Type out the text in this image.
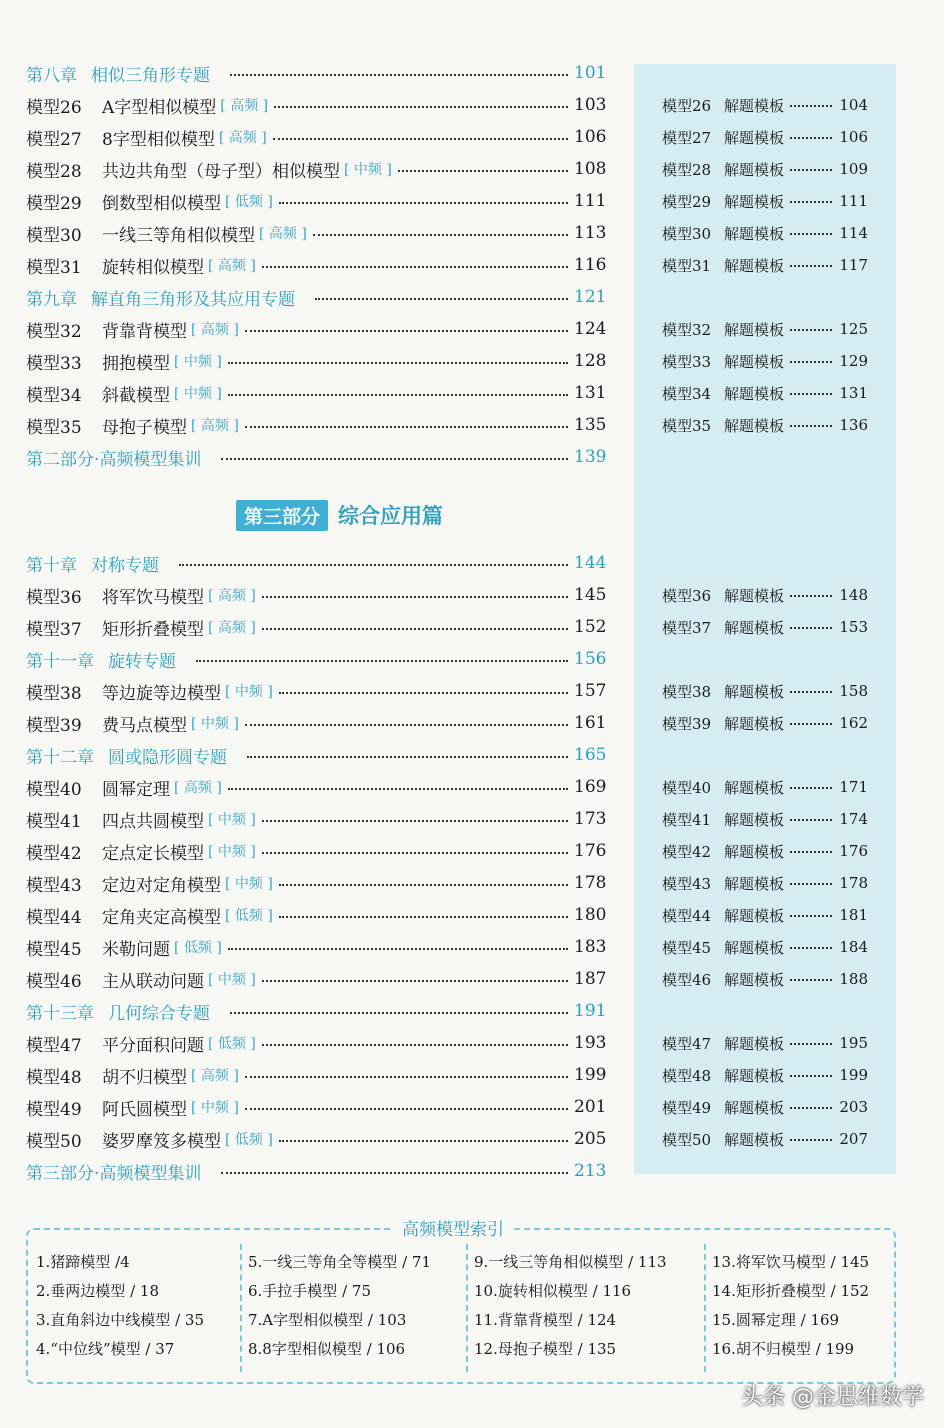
第八章 相似三角形专题	101
模型26	A字型相似模型 [ 高频 ]	103
模型27	8字型相似模型 [ 高频 ]	106
模型28	共边共角型（母子型）相似模型 [ 中频 ]	108
模型29	倒数型相似模型 [ 低频 ]	111
模型30	一线三等角相似模型 [ 高频 ]	113
模型31	旋转相似模型 [ 高频 ]	116
第九章 解直角三角形及其应用专题	121
模型32	背靠背模型 [ 高频 ]	124
模型33	拥抱模型 [ 中频 ]	128
模型34	斜截模型 [ 中频 ]	131
模型35	母抱子模型 [ 高频 ]	135
第二部分·高频模型集训	139
第十章 对称专题	144
模型36	将军饮马模型 [ 高频 ]	145
模型37	矩形折叠模型 [ 高频 ]	152
第十一章 旋转专题	156
模型38	等边旋等边模型 [ 中频 ]	157
模型39	费马点模型 [ 中频 ]	161
第十二章 圆或隐形圆专题	165
模型40	圆幂定理 [ 高频 ]	169
模型41	四点共圆模型 [ 中频 ]	173
模型42	定点定长模型 [ 中频 ]	176
模型43	定边对定角模型 [ 中频 ]	178
模型44	定角夹定高模型 [ 低频 ]	180
模型45	米勒问题 [ 低频 ]	183
模型46	主从联动问题 [ 中频 ]	187
第十三章 几何综合专题	191
模型47	平分面积问题 [ 低频 ]	193
模型48	胡不归模型 [ 高频 ]	199
模型49	阿氏圆模型 [ 中频 ]	201
模型50	婆罗摩笈多模型 [ 低频 ]	205
第三部分·高频模型集训	213
模型26 解题模板	104
模型27 解题模板	106
模型28 解题模板	109
模型29 解题模板	111
模型30 解题模板	114
模型31 解题模板	117
模型32 解题模板	125
模型33 解题模板	129
模型34 解题模板	131
模型35 解题模板	136
模型36 解题模板	148
模型37 解题模板	153
模型38 解题模板	158
模型39 解题模板	162
模型40 解题模板	171
模型41 解题模板	174
模型42 解题模板	176
模型43 解题模板	178
模型44 解题模板	181
模型45 解题模板	184
模型46 解题模板	188
模型47 解题模板	195
模型48 解题模板	199
模型49 解题模板	203
模型50 解题模板	207
第三部分 综合应用篇
高频模型索引
1.猪蹄模型 /4
2.垂两边模型 / 18
3.直角斜边中线模型 / 35
4.“中位线”模型 / 37
5.一线三等角全等模型 / 71
6.手拉手模型 / 75
7.A字型相似模型 / 103
8.8字型相似模型 / 106
9.一线三等角相似模型 / 113
10.旋转相似模型 / 116
11.背靠背模型 / 124
12.母抱子模型 / 135
13.将军饮马模型 / 145
14.矩形折叠模型 / 152
15.圆幂定理 / 169
16.胡不归模型 / 199
头条 @金思维数学
